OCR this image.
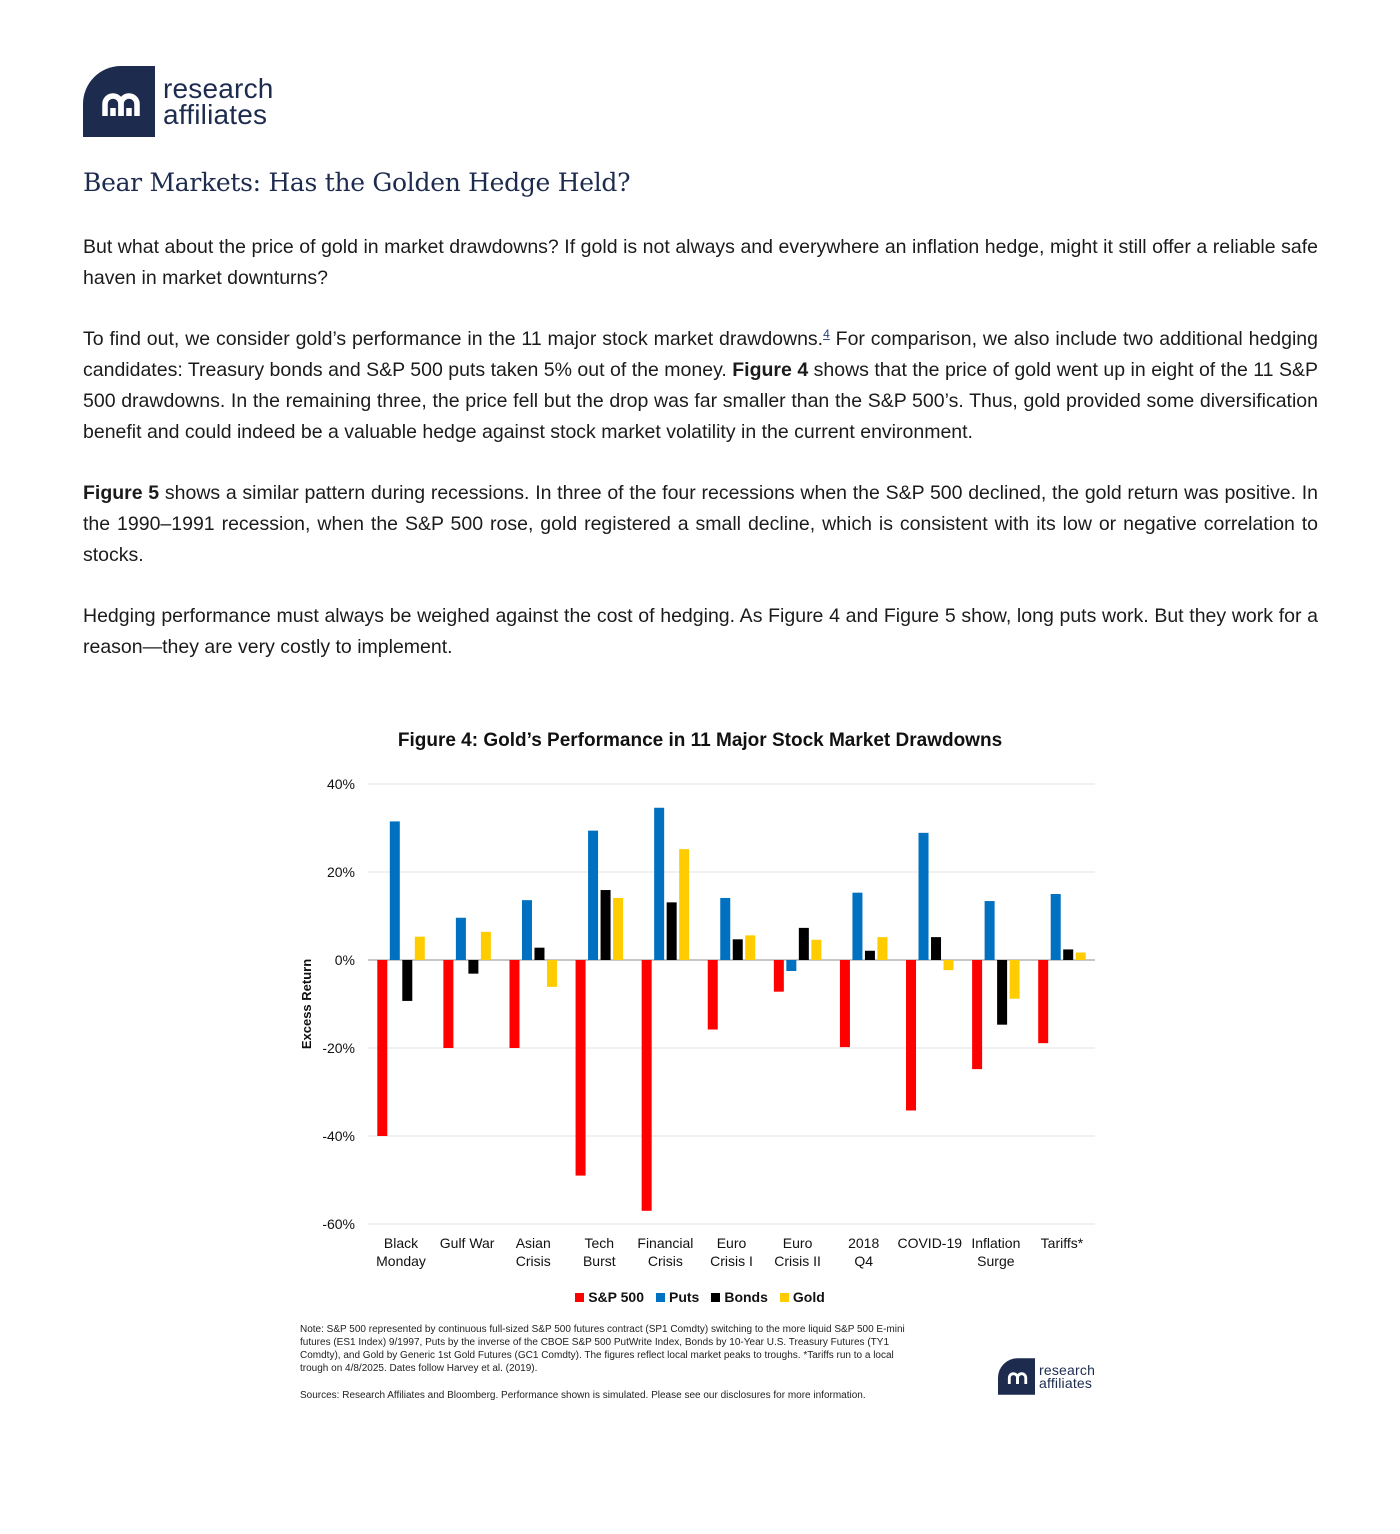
research
affiliates
Bear Markets: Has the Golden Hedge Held?

But what about the price of gold in market drawdowns? If gold is not always and everywhere an inflation hedge, might it still offer a reliable safe haven in market downturns?

To find out, we consider gold’s performance in the 11 major stock market drawdowns.$^4$ For comparison, we also include two additional hedging candidates: Treasury bonds and S&P 500 puts taken 5% out of the money. Figure 4 shows that the price of gold went up in eight of the 11 S&P 500 drawdowns. In the remaining three, the price fell but the drop was far smaller than the S&P 500’s. Thus, gold provided some diversification benefit and could indeed be a valuable hedge against stock market volatility in the current environment.

Figure 5 shows a similar pattern during recessions. In three of the four recessions when the S&P 500 declined, the gold return was positive. In the 1990–1991 recession, when the S&P 500 rose, gold registered a small decline, which is consistent with its low or negative correlation to stocks.

Hedging performance must always be weighed against the cost of hedging. As Figure 4 and Figure 5 show, long puts work. But they work for a reason—they are very costly to implement.

Figure 4: Gold’s Performance in 11 Major Stock Market Drawdowns
40%
20%
0%
-20%
-40%
-60%
Excess Return
Black
Monday
Gulf War Asian
Crisis
Tech
Burst
Financial
Crisis
Euro
Crisis I
Euro
Crisis II
2018
Q4
COVID-19 Inflation
Surge
Tariffs*
S&P 500 Puts Bonds Gold

Note: S&P 500 represented by continuous full-sized S&P 500 futures contract (SP1 Comdty) switching to the more liquid S&P 500 E-mini futures (ES1 Index) 9/1997, Puts by the inverse of the CBOE S&P 500 PutWrite Index, Bonds by 10-Year U.S. Treasury Futures (TY1 Comdty), and Gold by Generic 1st Gold Futures (GC1 Comdty). The figures reflect local market peaks to troughs. *Tariffs run to a local trough on 4/8/2025. Dates follow Harvey et al. (2019).

Sources: Research Affiliates and Bloomberg. Performance shown is simulated. Please see our disclosures for more information.

research
affiliates
